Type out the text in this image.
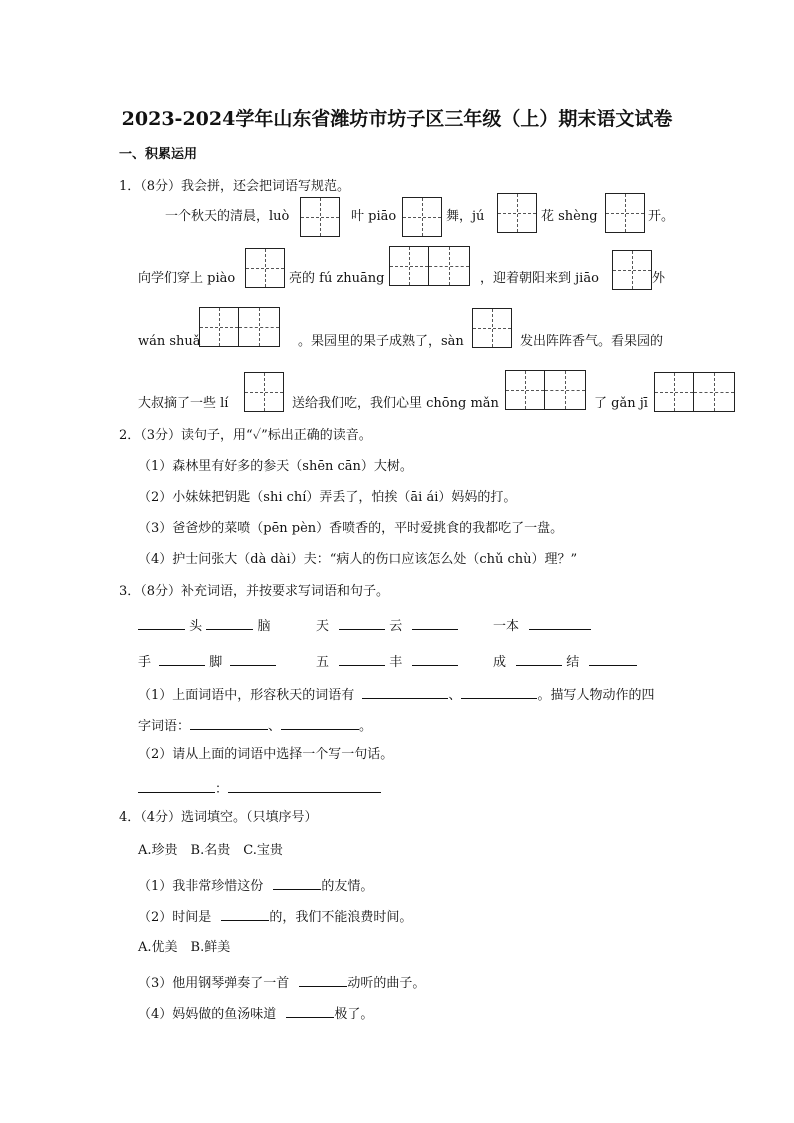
2023-2024学年山东省潍坊市坊子区三年级（上）期末语文试卷
一、积累运用
1．（8分）我会拼，还会把词语写规范。
一个秋天的清晨，luò	叶 piāo	舞，jú	花 shèng	开。
向学们穿上 piào	亮的 fú zhuāng	，迎着朝阳来到 jiāo	外
wán shuǎ	。果园里的果子成熟了，sàn	发出阵阵香气。看果园的
大叔摘了一些 lí	送给我们吃，我们心里 chōng mǎn	了 gǎn jī
2．（3分）读句子，用“✓”标出正确的读音。
（1）森林里有好多的参天（shēn cān）大树。
（2）小妹妹把钥匙（shi chí）弄丢了，怕挨（āi ái）妈妈的打。
（3）爸爸炒的菜喷（pēn pèn）香喷香的，平时爱挑食的我都吃了一盘。
（4）护士问张大（dà dài）夫：“病人的伤口应该怎么处（chǔ chù）理？”
3．（8分）补充词语，并按要求写词语和句子。
头	脑	天	云	一本
手	脚	五	丰	成	结
（1）上面词语中，形容秋天的词语有	、	。描写人物动作的四
字词语：	、	。
（2）请从上面的词语中选择一个写一句话。
：
4．（4分）选词填空。（只填序号）
A.珍贵　B.名贵　C.宝贵
（1）我非常珍惜这份	的友情。
（2）时间是	的，我们不能浪费时间。
A.优美　B.鲜美
（3）他用钢琴弹奏了一首	动听的曲子。
（4）妈妈做的鱼汤味道	极了。
